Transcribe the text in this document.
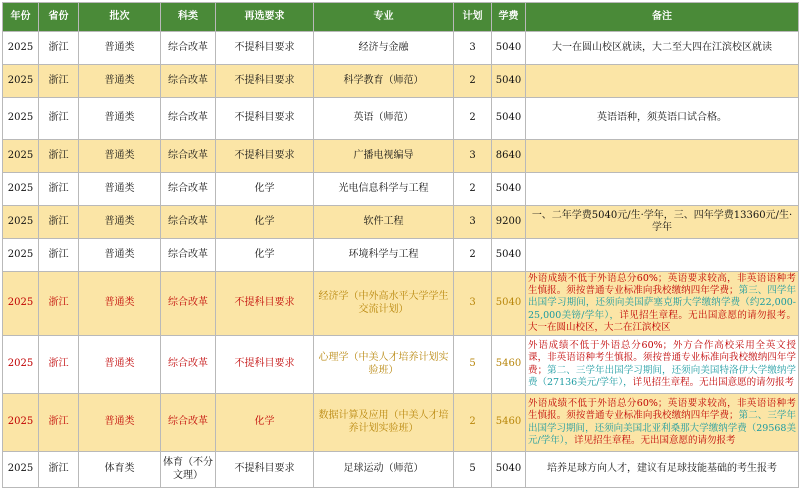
年份	省份	批次	科类	再选要求	专业	计划	学费	备注
2025	浙江	普通类	综合改革	不提科目要求	经济与金融	3	5040	大一在圆山校区就读，大二至大四在江滨校区就读
2025	浙江	普通类	综合改革	不提科目要求	科学教育（师范）	2	5040	
2025	浙江	普通类	综合改革	不提科目要求	英语（师范）	2	5040	英语语种，须英语口试合格。
2025	浙江	普通类	综合改革	不提科目要求	广播电视编导	3	8640	
2025	浙江	普通类	综合改革	化学	光电信息科学与工程	2	5040	
2025	浙江	普通类	综合改革	化学	软件工程	3	9200	一、二年学费5040元/生·学年，三、四年学费13360元/生·学年
2025	浙江	普通类	综合改革	化学	环境科学与工程	2	5040	
2025	浙江	普通类	综合改革	不提科目要求	经济学（中外高水平大学学生交流计划）	3	5040	外语成绩不低于外语总分60%；英语要求较高，非英语语种考生慎报。须按普通专业标准向我校缴纳四年学费；第三、四学年出国学习期间，还须向美国萨塞克斯大学缴纳学费（约22,000-25,000美镑/学年），详见招生章程。无出国意愿的请勿报考。大一在圆山校区，大二在江滨校区
2025	浙江	普通类	综合改革	不提科目要求	心理学（中美人才培养计划实验班）	5	5460	外语成绩不低于外语总分60%；外方合作高校采用全英文授课，非英语语种考生慎报。须按普通专业标准向我校缴纳四年学费；第二、三学年出国学习期间，还须向美国特洛伊大学缴纳学费（27136美元/学年），详见招生章程。无出国意愿的请勿报考
2025	浙江	普通类	综合改革	化学	数据计算及应用（中美人才培养计划实验班）	2	5460	外语成绩不低于外语总分60%；英语要求较高，非英语语种考生慎报。须按普通专业标准向我校缴纳四年学费；第二、三学年出国学习期间，还须向美国北亚利桑那大学缴纳学费（29568美元/学年），详见招生章程。无出国意愿的请勿报考
2025	浙江	体育类	体育（不分文理）	不提科目要求	足球运动（师范）	5	5040	培养足球方向人才，建议有足球技能基础的考生报考
